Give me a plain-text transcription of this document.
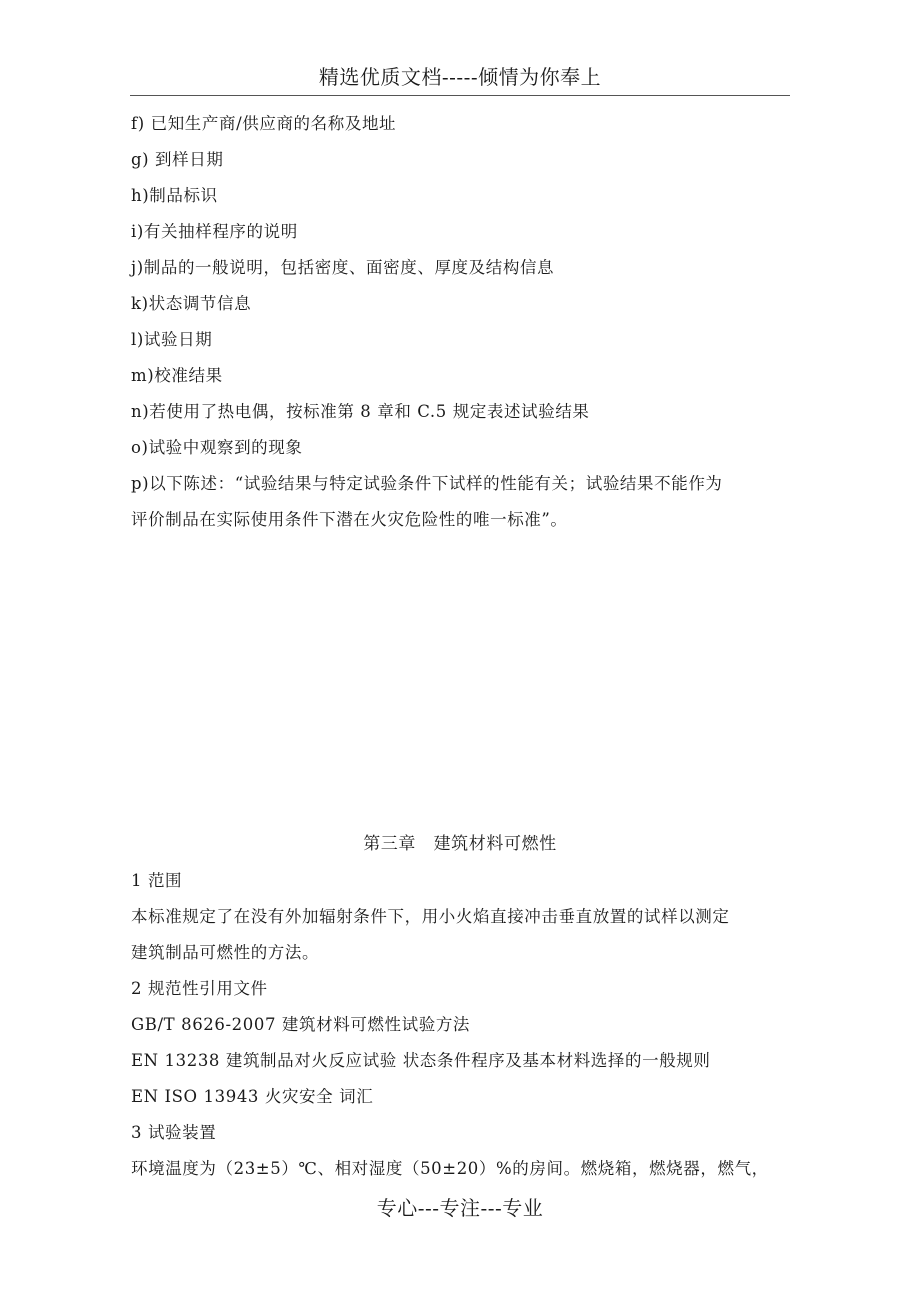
精选优质文档-----倾情为你奉上
f) 已知生产商/供应商的名称及地址
g) 到样日期
h)制品标识
i)有关抽样程序的说明
j)制品的一般说明，包括密度、面密度、厚度及结构信息
k)状态调节信息
l)试验日期
m)校准结果
n)若使用了热电偶，按标准第 8 章和 C.5 规定表述试验结果
o)试验中观察到的现象
p)以下陈述：“试验结果与特定试验条件下试样的性能有关；试验结果不能作为
评价制品在实际使用条件下潜在火灾危险性的唯一标准”。
第三章　建筑材料可燃性
1 范围
本标准规定了在没有外加辐射条件下，用小火焰直接冲击垂直放置的试样以测定
建筑制品可燃性的方法。
2 规范性引用文件
GB/T 8626-2007 建筑材料可燃性试验方法
EN 13238 建筑制品对火反应试验 状态条件程序及基本材料选择的一般规则
EN ISO 13943 火灾安全 词汇
3 试验装置
环境温度为（23±5）℃、相对湿度（50±20）%的房间。燃烧箱，燃烧器，燃气，
专心---专注---专业
